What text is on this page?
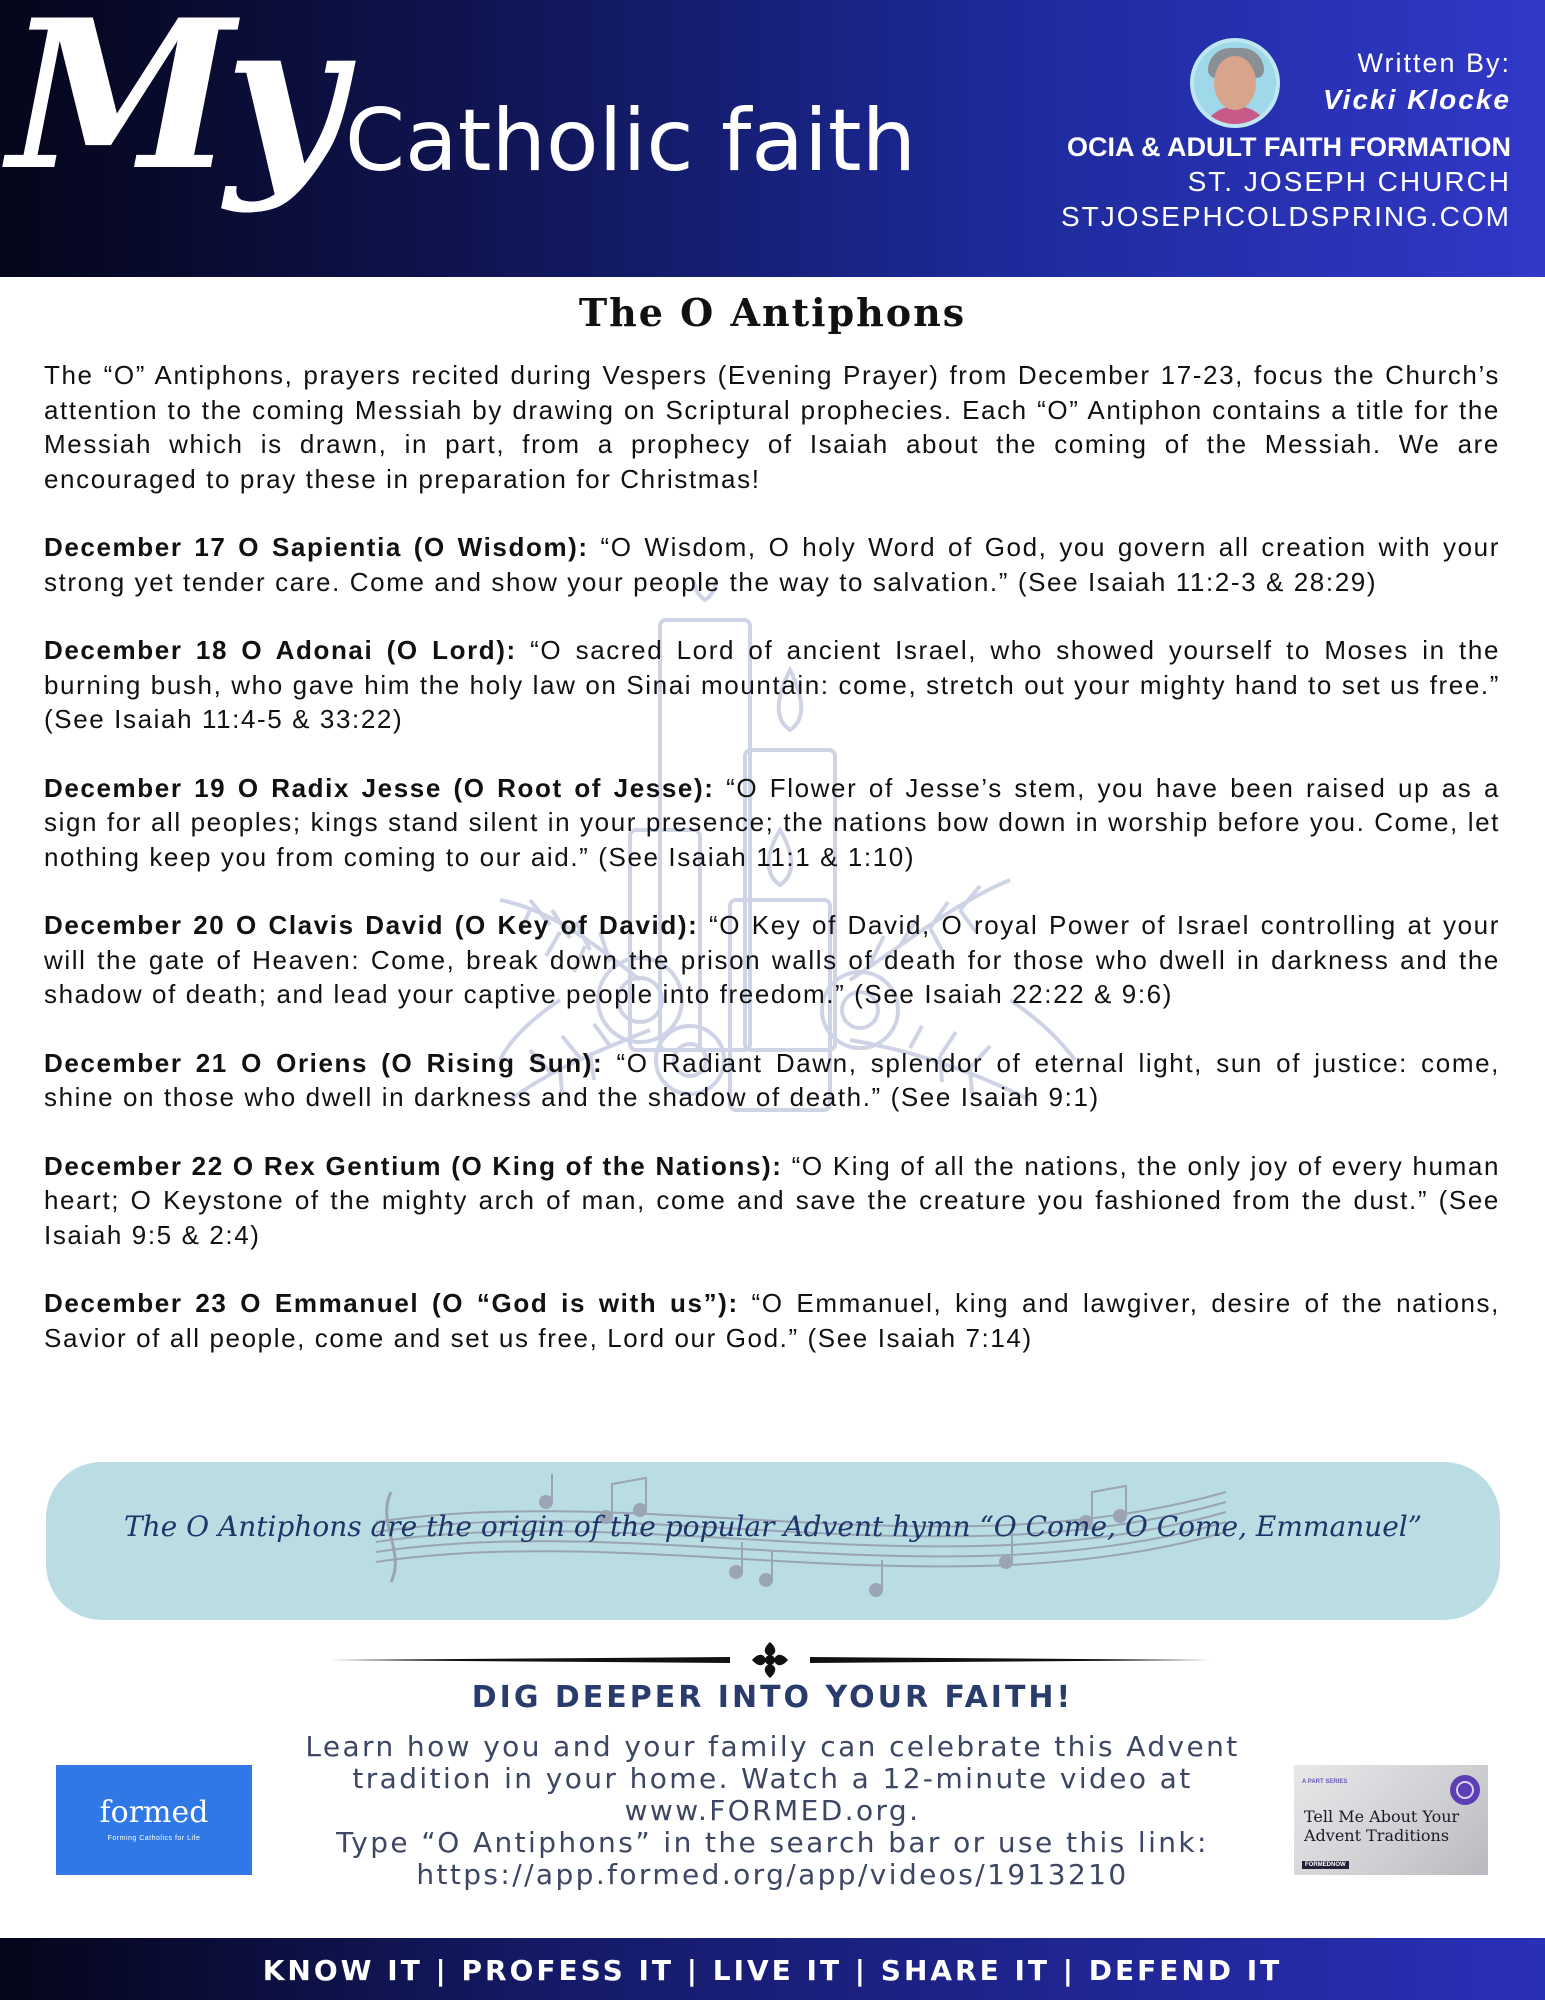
My Catholic faith
Written By:
Vicki Klocke
OCIA & ADULT FAITH FORMATION
ST. JOSEPH CHURCH
STJOSEPHCOLDSPRING.COM
The O Antiphons

The “O” Antiphons, prayers recited during Vespers (Evening Prayer) from December 17-23, focus the Church’s attention to the coming Messiah by drawing on Scriptural prophecies. Each “O” Antiphon contains a title for the Messiah which is drawn, in part, from a prophecy of Isaiah about the coming of the Messiah. We are encouraged to pray these in preparation for Christmas!

December 17 O Sapientia (O Wisdom): “O Wisdom, O holy Word of God, you govern all creation with your strong yet tender care. Come and show your people the way to salvation.” (See Isaiah 11:2-3 & 28:29)

December 18 O Adonai (O Lord): “O sacred Lord of ancient Israel, who showed yourself to Moses in the burning bush, who gave him the holy law on Sinai mountain: come, stretch out your mighty hand to set us free.” (See Isaiah 11:4-5 & 33:22)

December 19 O Radix Jesse (O Root of Jesse): “O Flower of Jesse’s stem, you have been raised up as a sign for all peoples; kings stand silent in your presence; the nations bow down in worship before you. Come, let nothing keep you from coming to our aid.” (See Isaiah 11:1 & 1:10)

December 20 O Clavis David (O Key of David): “O Key of David, O royal Power of Israel controlling at your will the gate of Heaven: Come, break down the prison walls of death for those who dwell in darkness and the shadow of death; and lead your captive people into freedom.” (See Isaiah 22:22 & 9:6)

December 21 O Oriens (O Rising Sun): “O Radiant Dawn, splendor of eternal light, sun of justice: come, shine on those who dwell in darkness and the shadow of death.” (See Isaiah 9:1)

December 22 O Rex Gentium (O King of the Nations): “O King of all the nations, the only joy of every human heart; O Keystone of the mighty arch of man, come and save the creature you fashioned from the dust.” (See Isaiah 9:5 & 2:4)

December 23 O Emmanuel (O “God is with us”): “O Emmanuel, king and lawgiver, desire of the nations, Savior of all people, come and set us free, Lord our God.” (See Isaiah 7:14)

The O Antiphons are the origin of the popular Advent hymn “O Come, O Come, Emmanuel”
DIG DEEPER INTO YOUR FAITH!
Learn how you and your family can celebrate this Advent
tradition in your home. Watch a 12-minute video at
www.FORMED.org.
Type “O Antiphons” in the search bar or use this link:
https://app.formed.org/app/videos/1913210
formed
Forming Catholics for Life
A PART SERIES
Tell Me About Your
Advent Traditions
FORMEDNOW
KNOW IT | PROFESS IT | LIVE IT | SHARE IT | DEFEND IT
